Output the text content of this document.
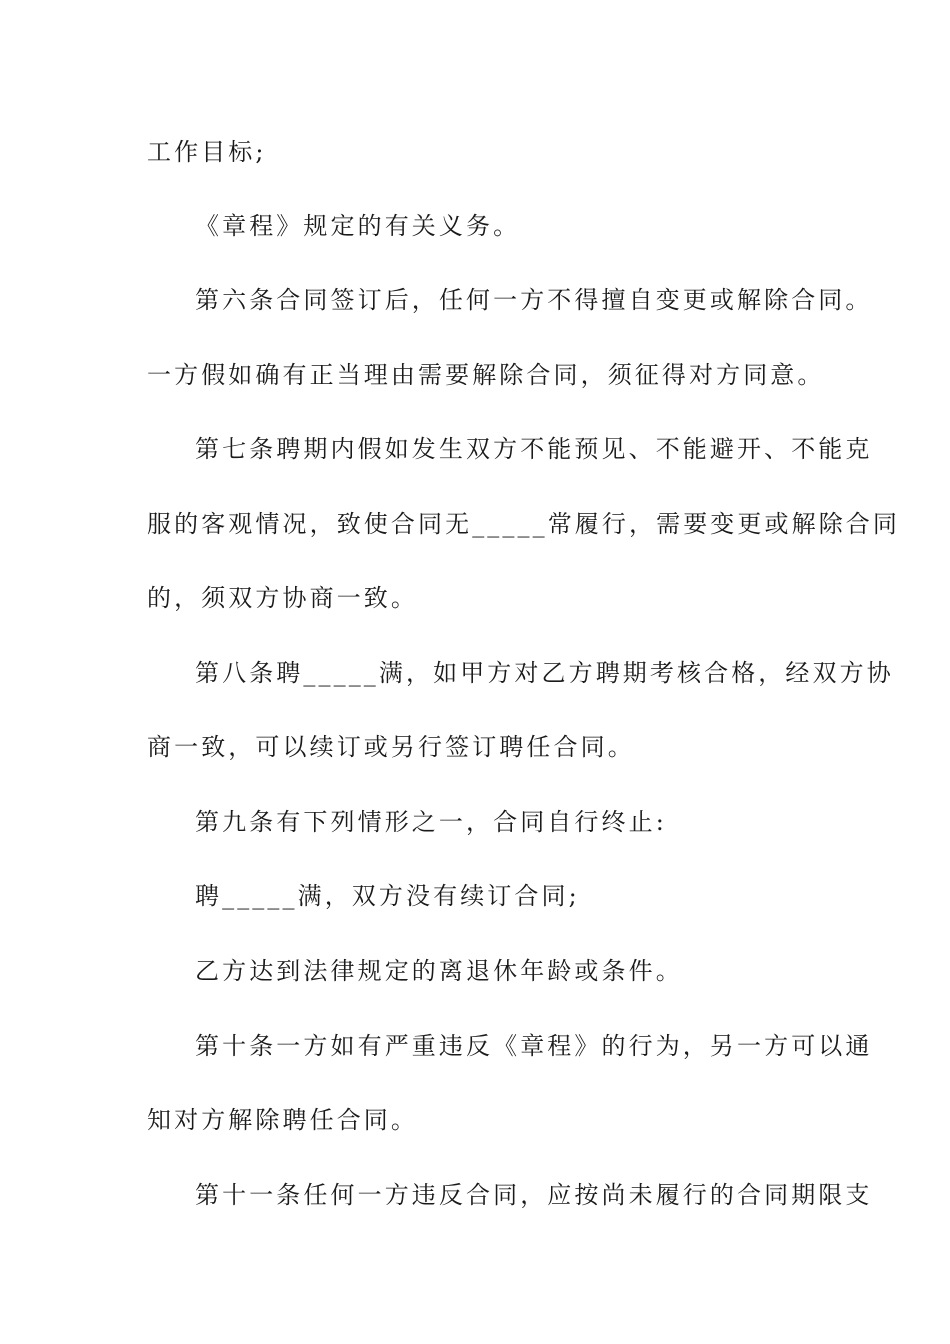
工作目标;
《章程》规定的有关义务。
第六条合同签订后，任何一方不得擅自变更或解除合同。
一方假如确有正当理由需要解除合同，须征得对方同意。
第七条聘期内假如发生双方不能预见、不能避开、不能克
服的客观情况，致使合同无_____常履行，需要变更或解除合同
的，须双方协商一致。
第八条聘_____满，如甲方对乙方聘期考核合格，经双方协
商一致，可以续订或另行签订聘任合同。
第九条有下列情形之一，合同自行终止:
聘_____满，双方没有续订合同;
乙方达到法律规定的离退休年龄或条件。
第十条一方如有严重违反《章程》的行为，另一方可以通
知对方解除聘任合同。
第十一条任何一方违反合同，应按尚未履行的合同期限支
